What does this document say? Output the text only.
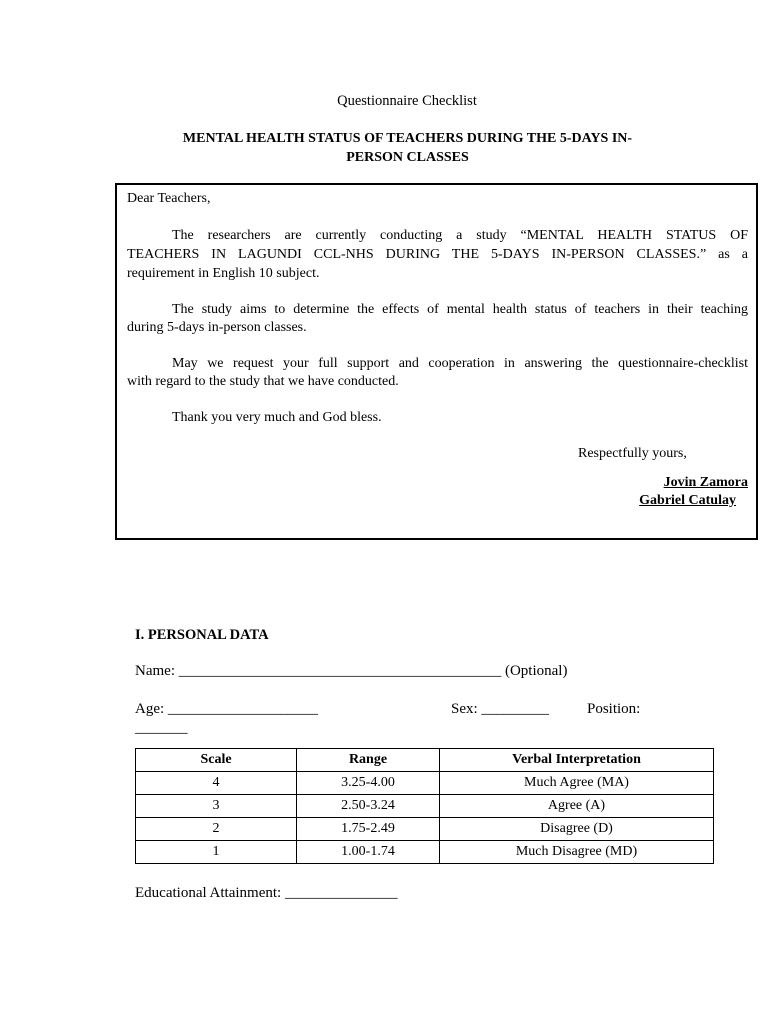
Questionnaire Checklist
MENTAL HEALTH STATUS OF TEACHERS DURING THE 5-DAYS IN-
PERSON CLASSES
Dear Teachers,
The researchers are currently conducting a study “MENTAL HEALTH STATUS OF
TEACHERS IN LAGUNDI CCL-NHS DURING THE 5-DAYS IN-PERSON CLASSES.” as a
requirement in English 10 subject.
The study aims to determine the effects of mental health status of teachers in their teaching
during 5-days in-person classes.
May we request your full support and cooperation in answering the questionnaire-checklist
with regard to the study that we have conducted.
Thank you very much and God bless.
Respectfully yours,
Jovin Zamora
Gabriel Catulay
I. PERSONAL DATA
Name: ___________________________________________ (Optional)
Age: ____________________	Sex: _________	Position:
_______
Scale	Range	Verbal Interpretation
4	3.25-4.00	Much Agree (MA)
3	2.50-3.24	Agree (A)
2	1.75-2.49	Disagree (D)
1	1.00-1.74	Much Disagree (MD)
Educational Attainment: _______________
